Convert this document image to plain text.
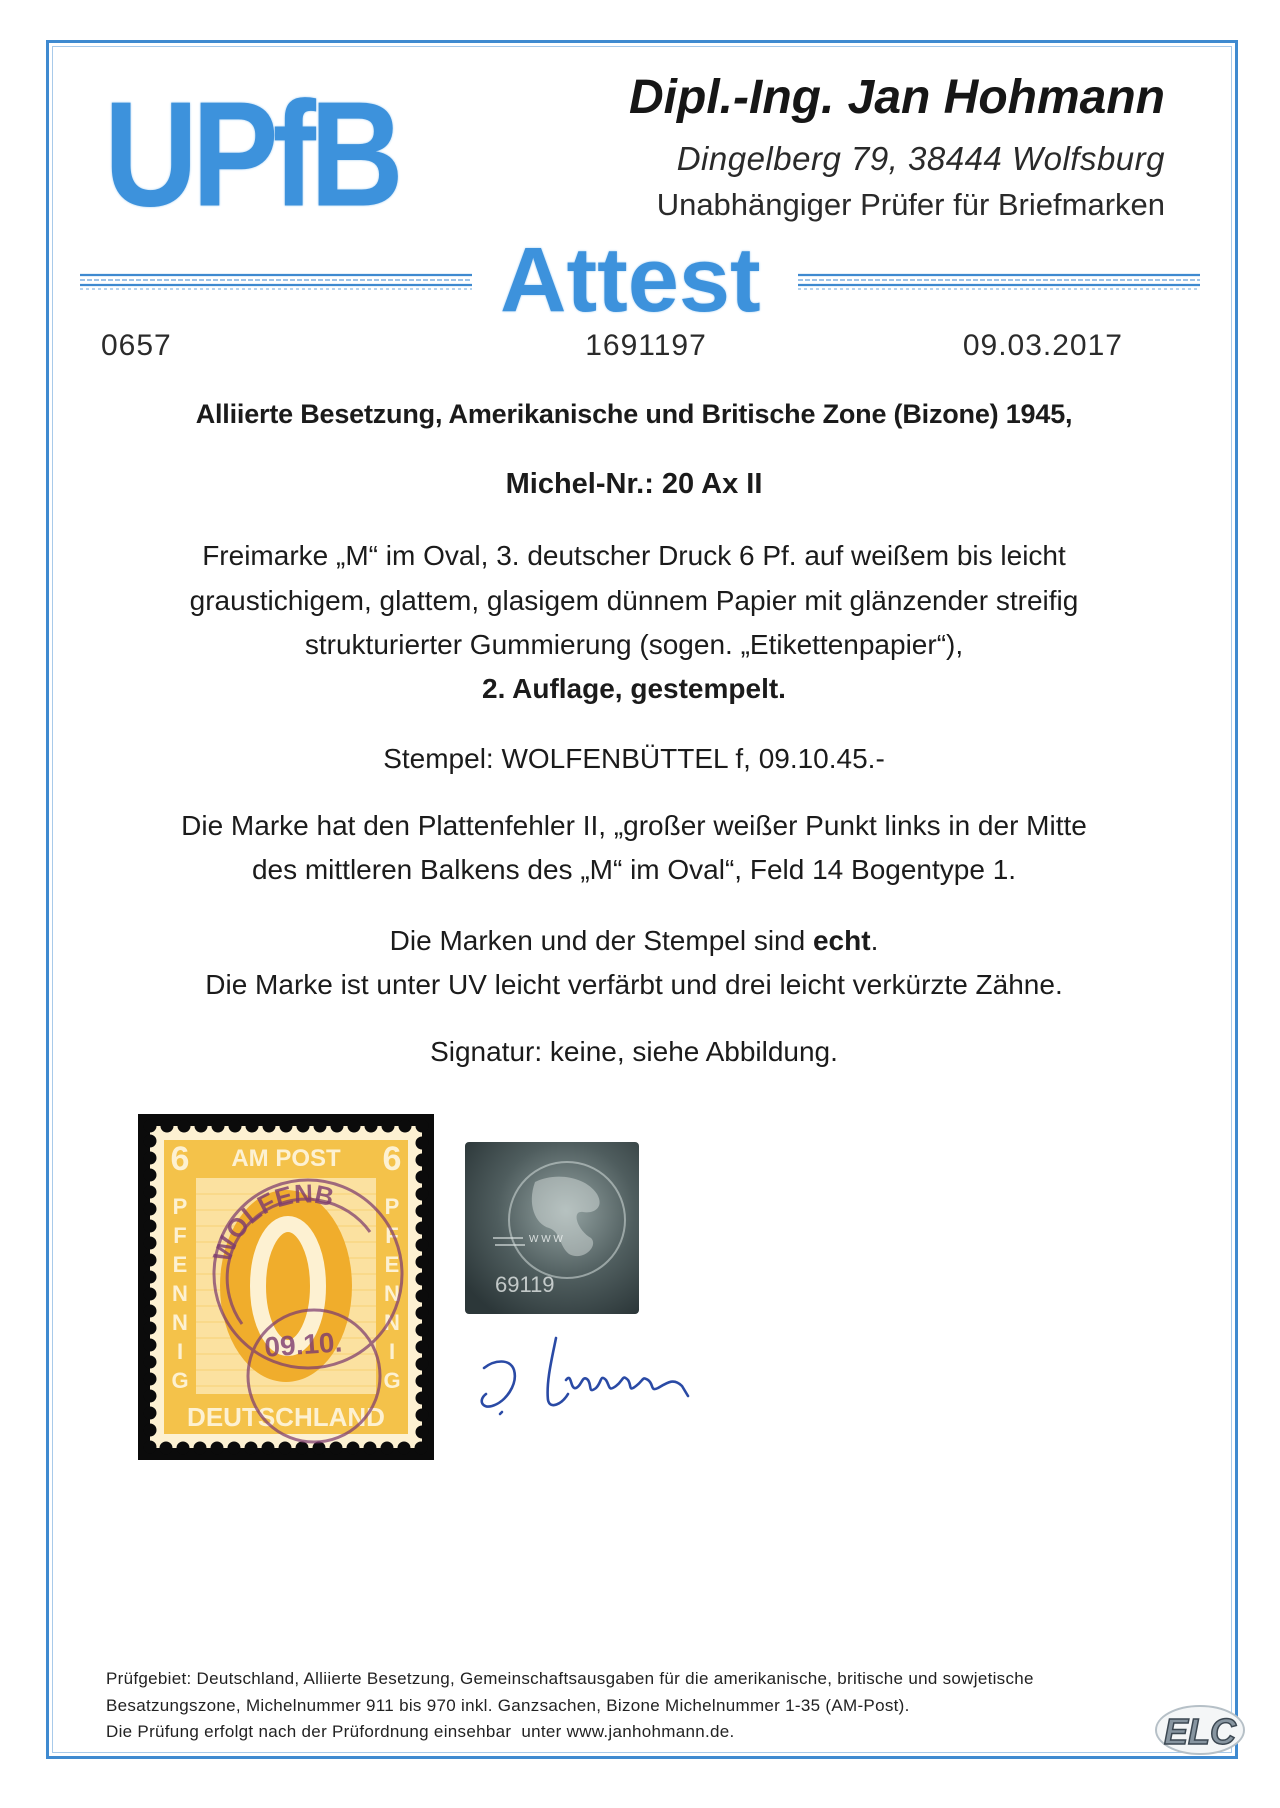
UPfB	Dipl.-Ing. Jan Hohmann
Dingelberg 79, 38444 Wolfsburg
Unabhängiger Prüfer für Briefmarken
Attest
0657	1691197	09.03.2017
Alliierte Besetzung, Amerikanische und Britische Zone (Bizone) 1945,
Michel-Nr.: 20 Ax II
Freimarke „M“ im Oval, 3. deutscher Druck 6 Pf. auf weißem bis leicht
graustichigem, glattem, glasigem dünnem Papier mit glänzender streifig
strukturierter Gummierung (sogen. „Etikettenpapier“),
2. Auflage, gestempelt.
Stempel: WOLFENBÜTTEL f, 09.10.45.-
Die Marke hat den Plattenfehler II, „großer weißer Punkt links in der Mitte
des mittleren Balkens des „M“ im Oval“, Feld 14 Bogentype 1.
Die Marken und der Stempel sind echt.
Die Marke ist unter UV leicht verfärbt und drei leicht verkürzte Zähne.
Signatur: keine, siehe Abbildung.
6	6
AM POST
PFENNIG	PFENNIG
DEUTSCHLAND
WOLFENB
09.10.
W W W
69119
Prüfgebiet: Deutschland, Alliierte Besetzung, Gemeinschaftsausgaben für die amerikanische, britische und sowjetische
Besatzungszone, Michelnummer 911 bis 970 inkl. Ganzsachen, Bizone Michelnummer 1-35 (AM-Post).
Die Prüfung erfolgt nach der Prüfordnung einsehbar  unter www.janhohmann.de.	ELC
